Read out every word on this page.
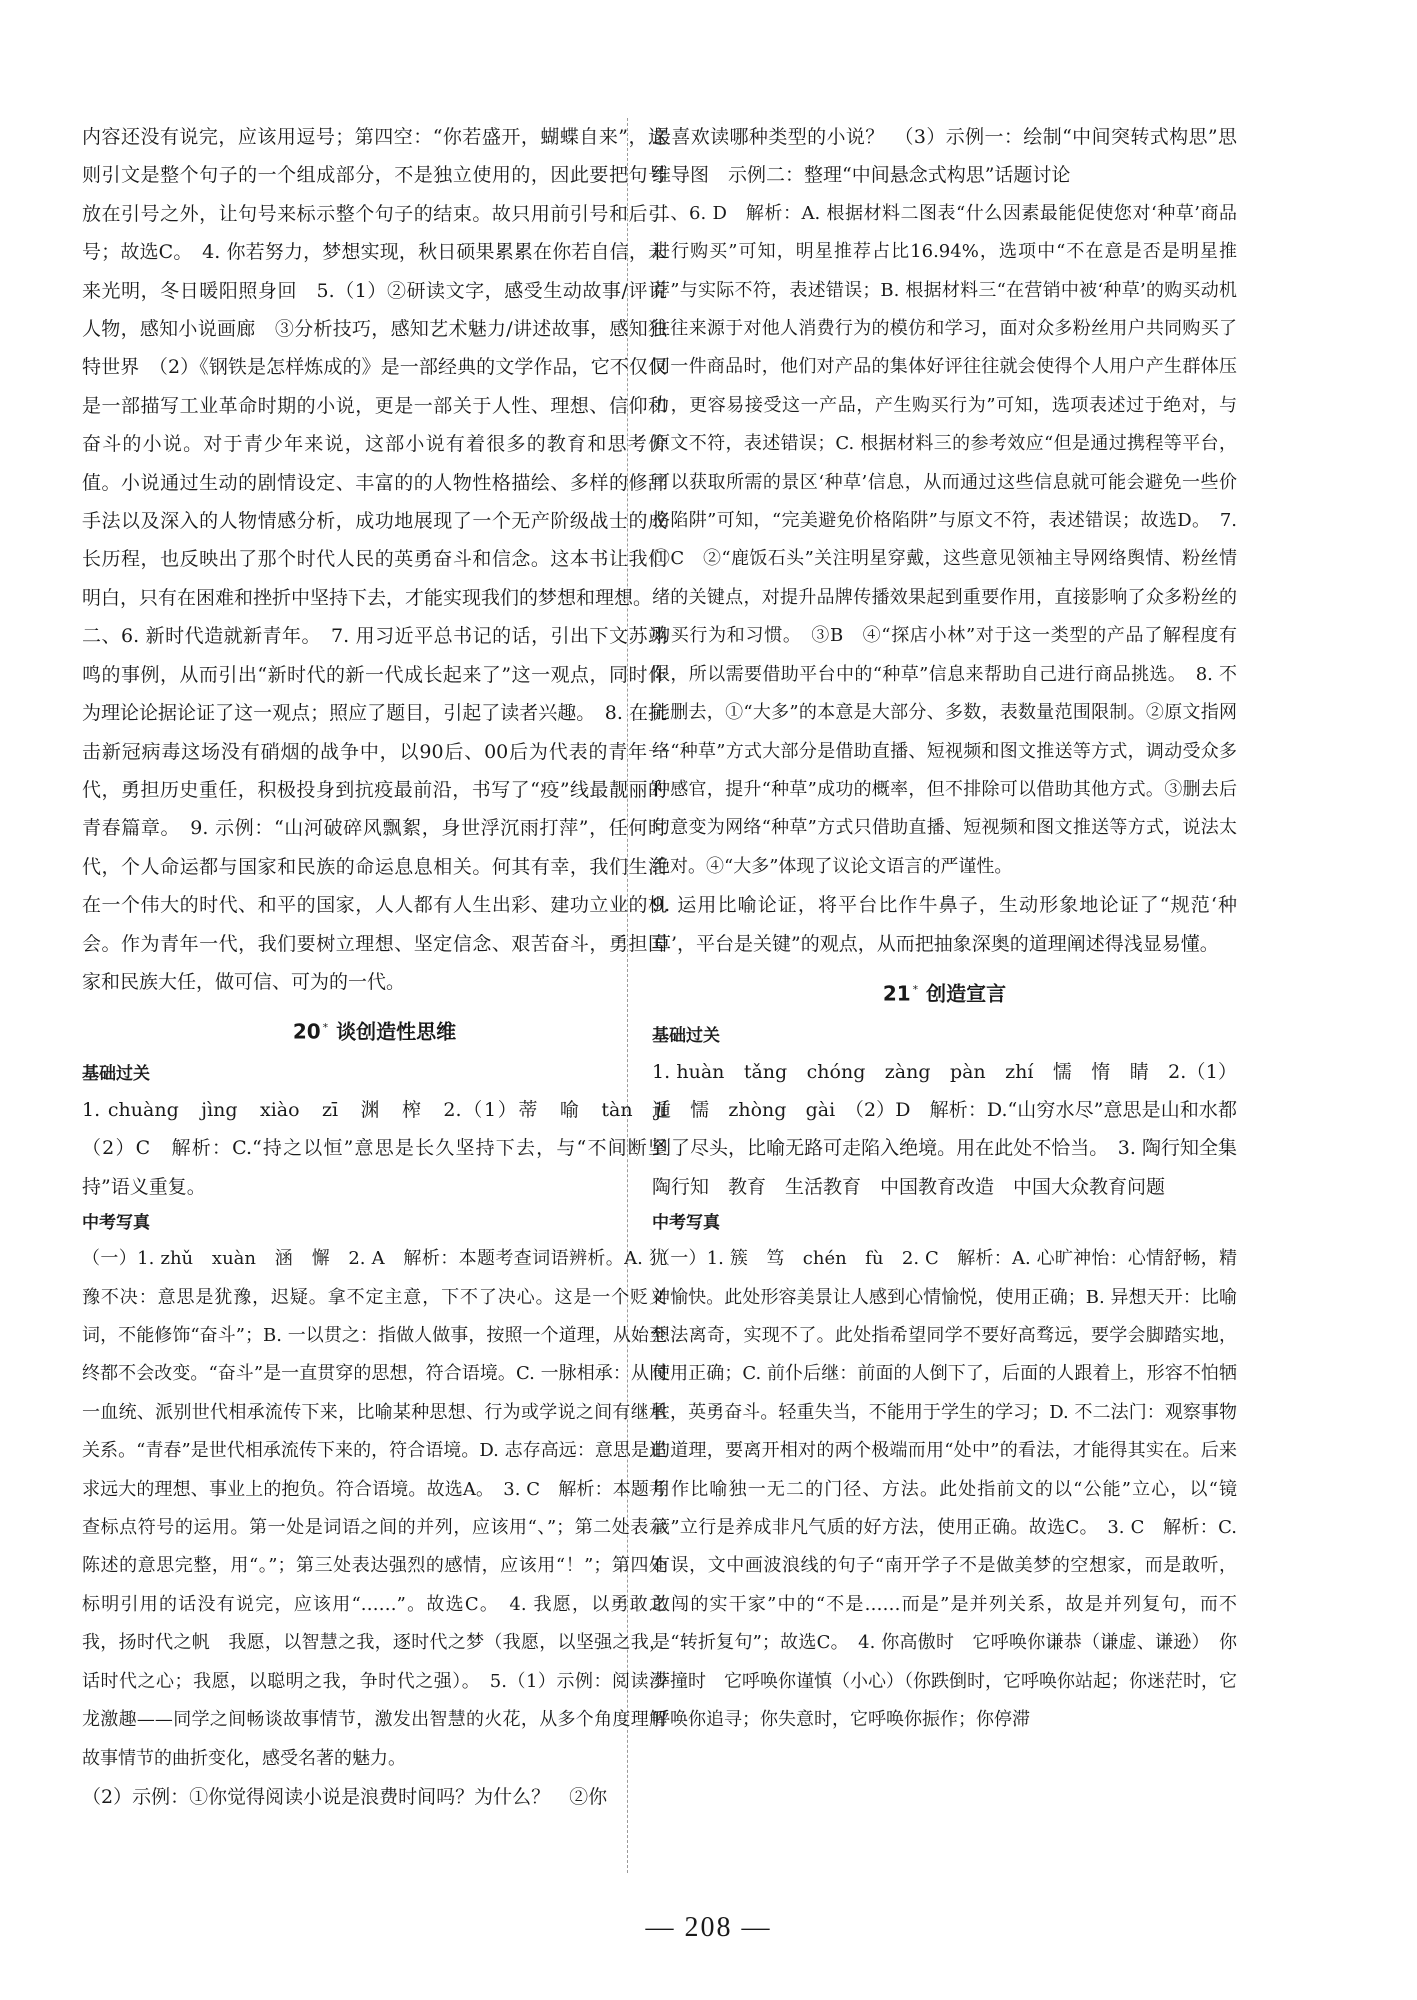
内容还没有说完，应该用逗号；第四空：“你若盛开，蝴蝶自来”，这则引文是整个句子的一个组成部分，不是独立使用的，因此要把句号放在引号之外，让句号来标示整个句子的结束。故只用前引号和后引号；故选C。　4. 你若努力，梦想实现，秋日硕果累累在你若自信，未来光明，冬日暖阳照身回　5.（1）②研读文字，感受生动故事/评说人物，感知小说画廊　③分析技巧，感知艺术魅力/讲述故事，感知独特世界　（2）《钢铁是怎样炼成的》是一部经典的文学作品，它不仅仅是一部描写工业革命时期的小说，更是一部关于人性、理想、信仰和奋斗的小说。对于青少年来说，这部小说有着很多的教育和思考价值。小说通过生动的剧情设定、丰富的的人物性格描绘、多样的修辞手法以及深入的人物情感分析，成功地展现了一个无产阶级战士的成长历程，也反映出了那个时代人民的英勇奋斗和信念。这本书让我们明白，只有在困难和挫折中坚持下去，才能实现我们的梦想和理想。

二、6. 新时代造就新青年。　7. 用习近平总书记的话，引出下文苏翊鸣的事例，从而引出“新时代的新一代成长起来了”这一观点，同时作为理论论据论证了这一观点；照应了题目，引起了读者兴趣。　8. 在抗击新冠病毒这场没有硝烟的战争中，以90后、00后为代表的青年一代，勇担历史重任，积极投身到抗疫最前沿，书写了“疫”线最靓丽的青春篇章。　9. 示例：“山河破碎风飘絮，身世浮沉雨打萍”，任何时代，个人命运都与国家和民族的命运息息相关。何其有幸，我们生活在一个伟大的时代、和平的国家，人人都有人生出彩、建功立业的机会。作为青年一代，我们要树立理想、坚定信念、艰苦奋斗，勇担国家和民族大任，做可信、可为的一代。

20 * 谈创造性思维
基础过关

1. chuàng　jìng　xiào　zī　渊　榨　2.（1）蒂　喻　tàn　jí（2）C　解析：C.“持之以恒”意思是长久坚持下去，与“不间断坚持”语义重复。

中考写真

（一）1. zhǔ　xuàn　涵　懈　2. A　解析：本题考查词语辨析。A. 犹豫不决：意思是犹豫，迟疑。拿不定主意，下不了决心。这是一个贬义词，不能修饰“奋斗”；B. 一以贯之：指做人做事，按照一个道理，从始至终都不会改变。“奋斗”是一直贯穿的思想，符合语境。C. 一脉相承：从同一血统、派别世代相承流传下来，比喻某种思想、行为或学说之间有继承关系。“青春”是世代相承流传下来的，符合语境。D. 志存高远：意思是追求远大的理想、事业上的抱负。符合语境。故选A。　3. C　解析：本题考查标点符号的运用。第一处是词语之间的并列，应该用“、”；第二处表示陈述的意思完整，用“。”；第三处表达强烈的感情，应该用“！”；第四处标明引用的话没有说完，应该用“……”。故选C。　4. 我愿，以勇敢之我，扬时代之帆　我愿，以智慧之我，逐时代之梦（我愿，以坚强之我，话时代之心；我愿，以聪明之我，争时代之强）。　5.（1）示例：阅读沙龙激趣——同学之间畅谈故事情节，激发出智慧的火花，从多个角度理解故事情节的曲折变化，感受名著的魅力。

（2）示例：①你觉得阅读小说是浪费时间吗？为什么？　②你

最喜欢读哪种类型的小说？　（3）示例一：绘制“中间突转式构思”思维导图　示例二：整理“中间悬念式构思”话题讨论

二、6. D　解析：A. 根据材料二图表“什么因素最能促使您对‘种草’商品进行购买”可知，明星推荐占比16.94%，选项中“不在意是否是明星推荐”与实际不符，表述错误；B. 根据材料三“在营销中被‘种草’的购买动机往往来源于对他人消费行为的模仿和学习，面对众多粉丝用户共同购买了同一件商品时，他们对产品的集体好评往往就会使得个人用户产生群体压力，更容易接受这一产品，产生购买行为”可知，选项表述过于绝对，与原文不符，表述错误；C. 根据材料三的参考效应“但是通过携程等平台，可以获取所需的景区‘种草’信息，从而通过这些信息就可能会避免一些价格陷阱”可知，“完美避免价格陷阱”与原文不符，表述错误；故选D。　7. ①C　②“鹿饭石头”关注明星穿戴，这些意见领袖主导网络舆情、粉丝情绪的关键点，对提升品牌传播效果起到重要作用，直接影响了众多粉丝的购买行为和习惯。　③B　④“探店小林”对于这一类型的产品了解程度有限，所以需要借助平台中的“种草”信息来帮助自己进行商品挑选。　8. 不能删去，①“大多”的本意是大部分、多数，表数量范围限制。②原文指网络“种草”方式大部分是借助直播、短视频和图文推送等方式，调动受众多种感官，提升“种草”成功的概率，但不排除可以借助其他方式。③删去后句意变为网络“种草”方式只借助直播、短视频和图文推送等方式，说法太绝对。④“大多”体现了议论文语言的严谨性。

9. 运用比喻论证，将平台比作牛鼻子，生动形象地论证了“规范‘种草’，平台是关键”的观点，从而把抽象深奥的道理阐述得浅显易懂。

21 * 创造宣言
基础过关

1. huàn　tǎng　chóng　zàng　pàn　zhí　懦　惰　睛　2.（1）遁　懦　zhòng　gài　（2）D　解析：D.“山穷水尽”意思是山和水都到了尽头，比喻无路可走陷入绝境。用在此处不恰当。　3. 陶行知全集　陶行知　教育　生活教育　中国教育改造　中国大众教育问题

中考写真

（一）1. 簇　笃　chén　fù　2. C　解析：A. 心旷神怡：心情舒畅，精神愉快。此处形容美景让人感到心情愉悦，使用正确；B. 异想天开：比喻想法离奇，实现不了。此处指希望同学不要好高骛远，要学会脚踏实地，使用正确；C. 前仆后继：前面的人倒下了，后面的人跟着上，形容不怕牺牲，英勇奋斗。轻重失当，不能用于学生的学习；D. 不二法门：观察事物的道理，要离开相对的两个极端而用“处中”的看法，才能得其实在。后来用作比喻独一无二的门径、方法。此处指前文的以“公能”立心，以“镜箴”立行是养成非凡气质的好方法，使用正确。故选C。　3. C　解析：C. 有误，文中画波浪线的句子“南开学子不是做美梦的空想家，而是敢听，敢闯的实干家”中的“不是……而是”是并列关系，故是并列复句，而不是“转折复句”；故选C。　4. 你高傲时　它呼唤你谦恭（谦虚、谦逊）　你莽撞时　它呼唤你谨慎（小心）（你跌倒时，它呼唤你站起；你迷茫时，它呼唤你追寻；你失意时，它呼唤你振作；你停滞

— 208 —
